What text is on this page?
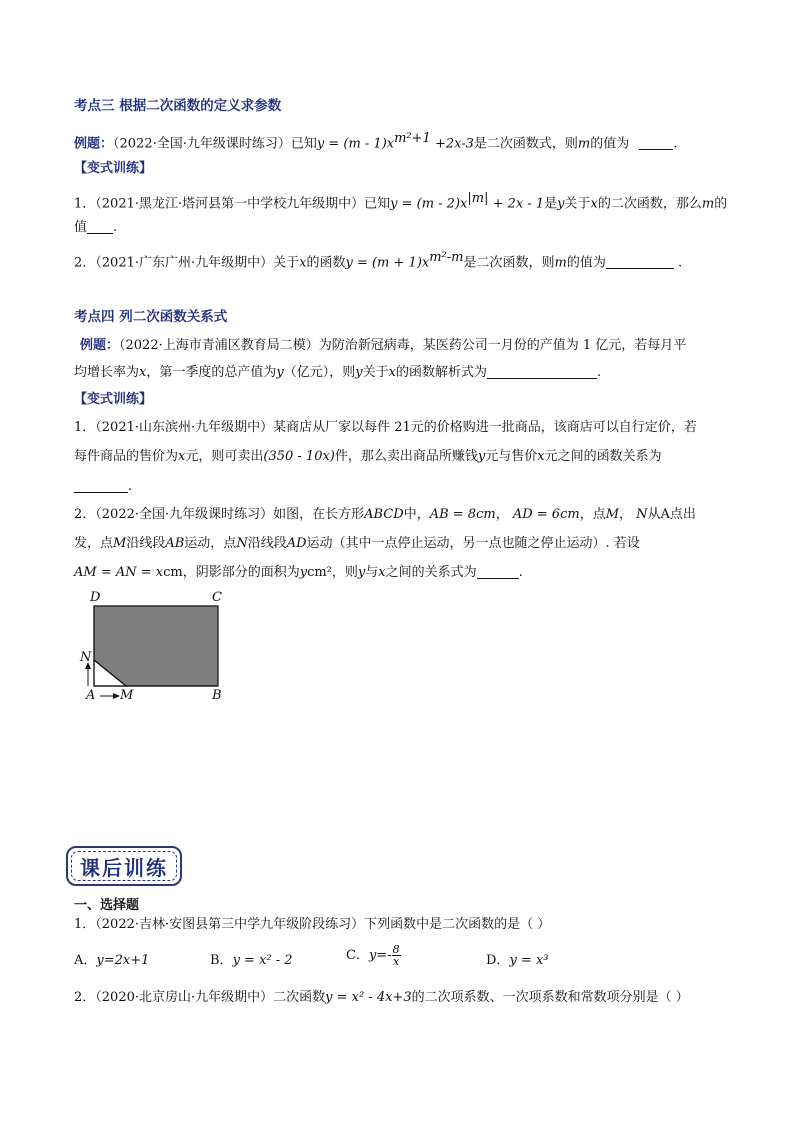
考点三 根据二次函数的定义求参数
例题：（2022·全国·九年级课时练习）已知$y = (m - 1)x^{m^2+1} +2x-3$是二次函数式，则m的值为	.
【变式训练】
1．（2021·黑龙江·塔河县第一中学校九年级期中）已知$y = (m - 2)x^{|m|} + 2x - 1$是y关于x的二次函数，那么m的
值 .
2．（2021·广东广州·九年级期中）关于x的函数$y = (m + 1)x^{m^2-m}$是二次函数，则m的值为	.
考点四 列二次函数关系式
例题：（2022·上海市青浦区教育局二模）为防治新冠病毒，某医药公司一月份的产值为 1 亿元，若每月平
均增长率为x，第一季度的总产值为y（亿元），则y关于x的函数解析式为	.
【变式训练】
1．（2021·山东滨州·九年级期中）某商店从厂家以每件 21元的价格购进一批商品，该商店可以自行定价，若
每件商品的售价为x元，则可卖出(350 - 10x)件，那么卖出商品所赚钱y元与售价x元之间的函数关系为
.
2．（2022·全国·九年级课时练习）如图，在长方形ABCD中，AB = 8cm， AD = 6cm，点M， N从A点出
发，点M沿线段AB运动，点N沿线段AD运动（其中一点停止运动，另一点也随之停止运动）. 若设
AM = AN = xcm，阴影部分的面积为ycm²，则y与x之间的关系式为	.
D	C
N
A M	B
课后训练
一、选择题
1．（2022·吉林·安图县第三中学九年级阶段练习）下列函数中是二次函数的是（ ）
A．y=2x+1	B．y = x² - 2	C．$y=- \frac{8}{x}$	D．y = x³
2．（2020·北京房山·九年级期中）二次函数y = x² - 4x+3的二次项系数、一次项系数和常数项分别是（ ）
